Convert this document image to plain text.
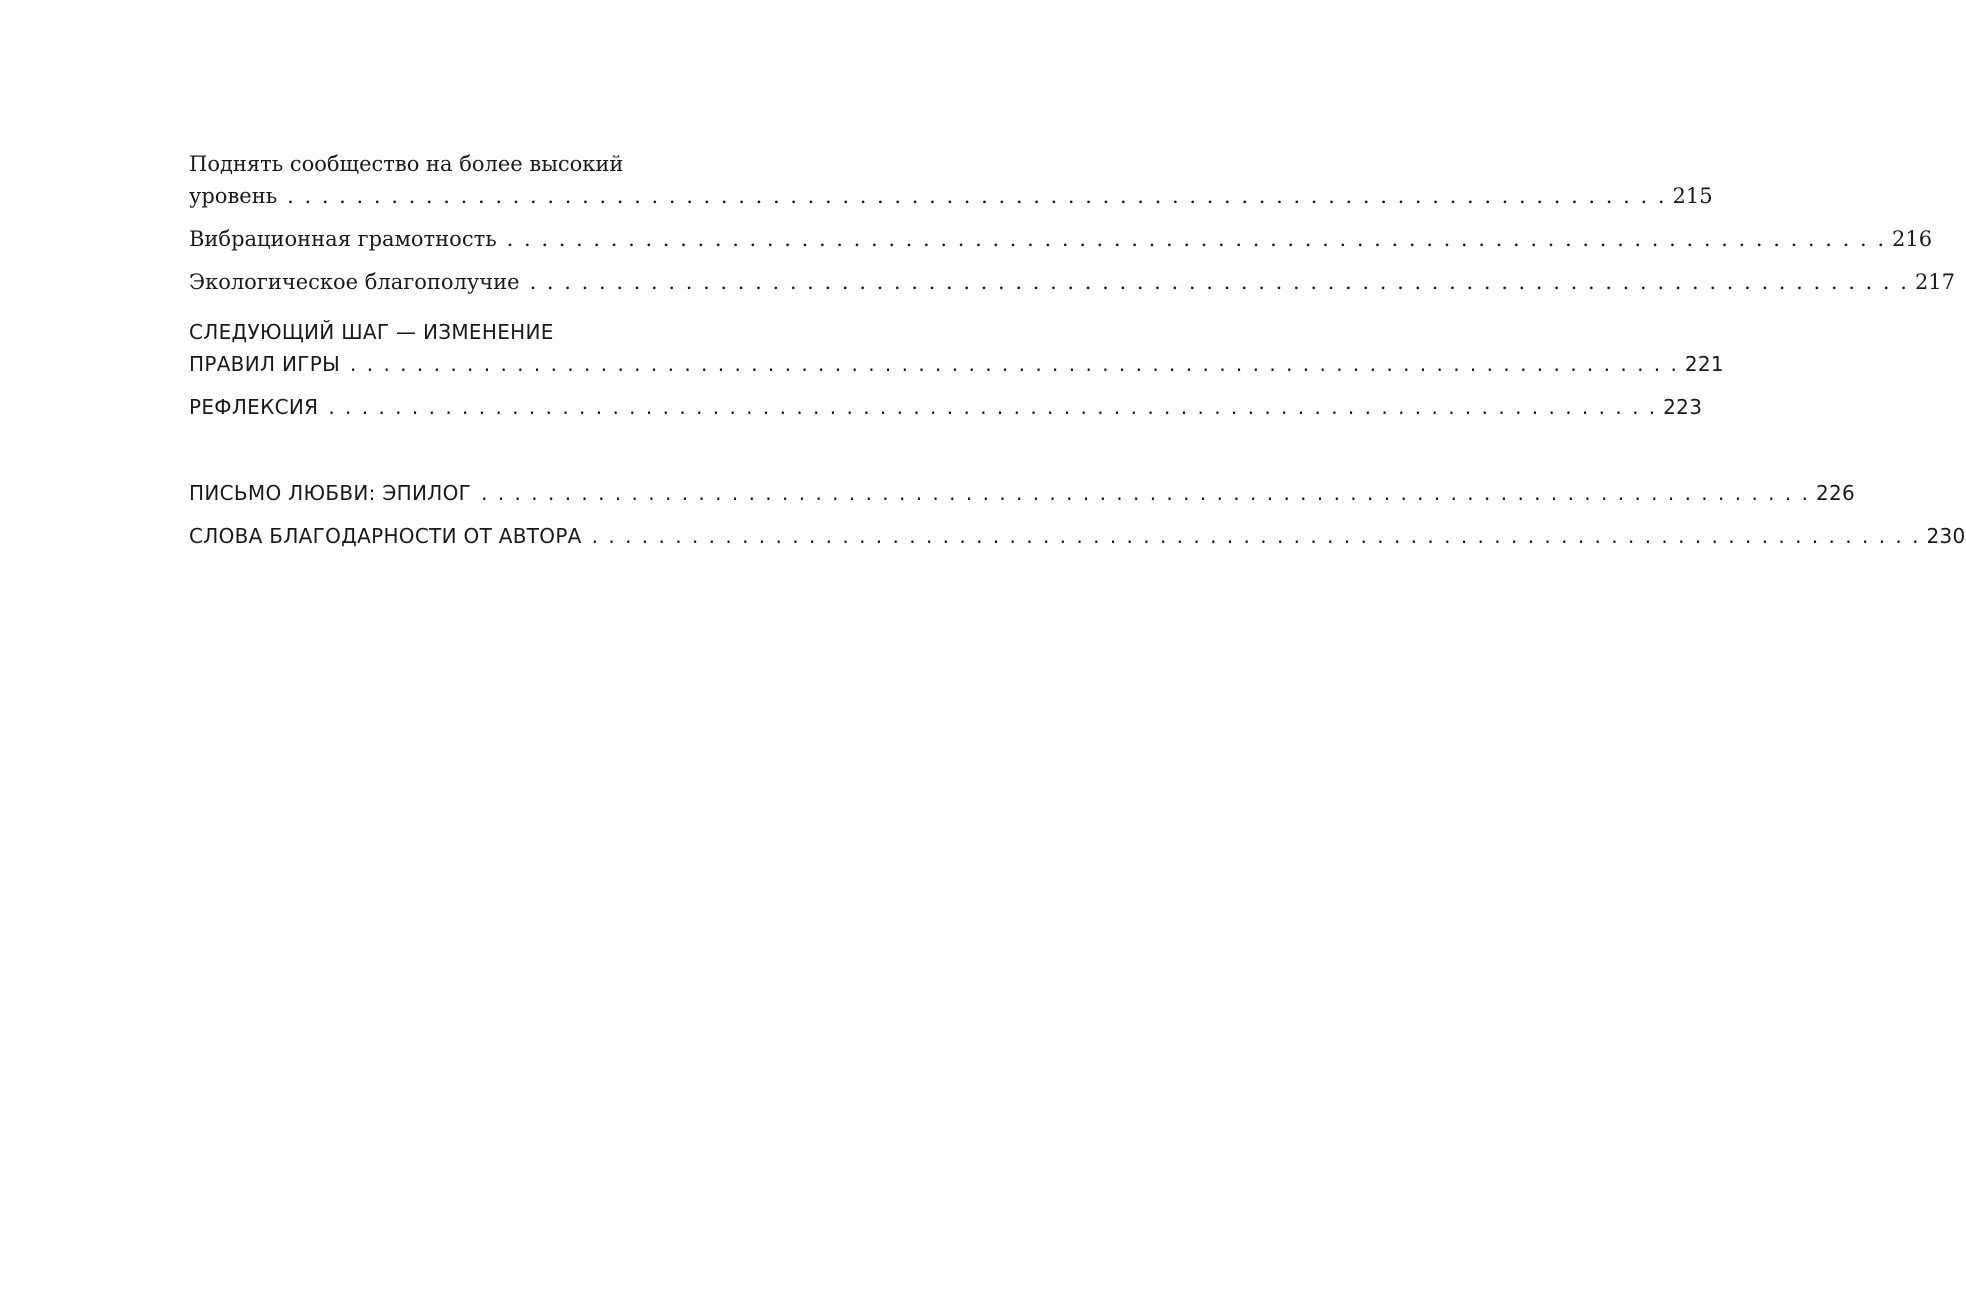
Поднять сообщество на более высокий
уровень . . . . . . . . . . . . . . . . . . . . . . . . . . . . . . . . . . . . . . . . . . . . . . . . . . . . . . . . . . . . . . . . . . . . . . . . . . . . . . . . 215
Вибрационная грамотность . . . . . . . . . . . . . . . . . . . . . . . . . . . . . . . . . . . . . . . . . . . . . . . . . . . . . . . . . . . . . . . . . . . . . . . . . . . . . . . . 216
Экологическое благополучие . . . . . . . . . . . . . . . . . . . . . . . . . . . . . . . . . . . . . . . . . . . . . . . . . . . . . . . . . . . . . . . . . . . . . . . . . . . . . . . . 217
СЛЕДУЮЩИЙ ШАГ — ИЗМЕНЕНИЕ
ПРАВИЛ ИГРЫ . . . . . . . . . . . . . . . . . . . . . . . . . . . . . . . . . . . . . . . . . . . . . . . . . . . . . . . . . . . . . . . . . . . . . . . . . . . . . . . . 221
РЕФЛЕКСИЯ . . . . . . . . . . . . . . . . . . . . . . . . . . . . . . . . . . . . . . . . . . . . . . . . . . . . . . . . . . . . . . . . . . . . . . . . . . . . . . . . 223
ПИСЬМО ЛЮБВИ: ЭПИЛОГ . . . . . . . . . . . . . . . . . . . . . . . . . . . . . . . . . . . . . . . . . . . . . . . . . . . . . . . . . . . . . . . . . . . . . . . . . . . . . . . . 226
СЛОВА БЛАГОДАРНОСТИ ОТ АВТОРА . . . . . . . . . . . . . . . . . . . . . . . . . . . . . . . . . . . . . . . . . . . . . . . . . . . . . . . . . . . . . . . . . . . . . . . . . . . . . . . . 230
